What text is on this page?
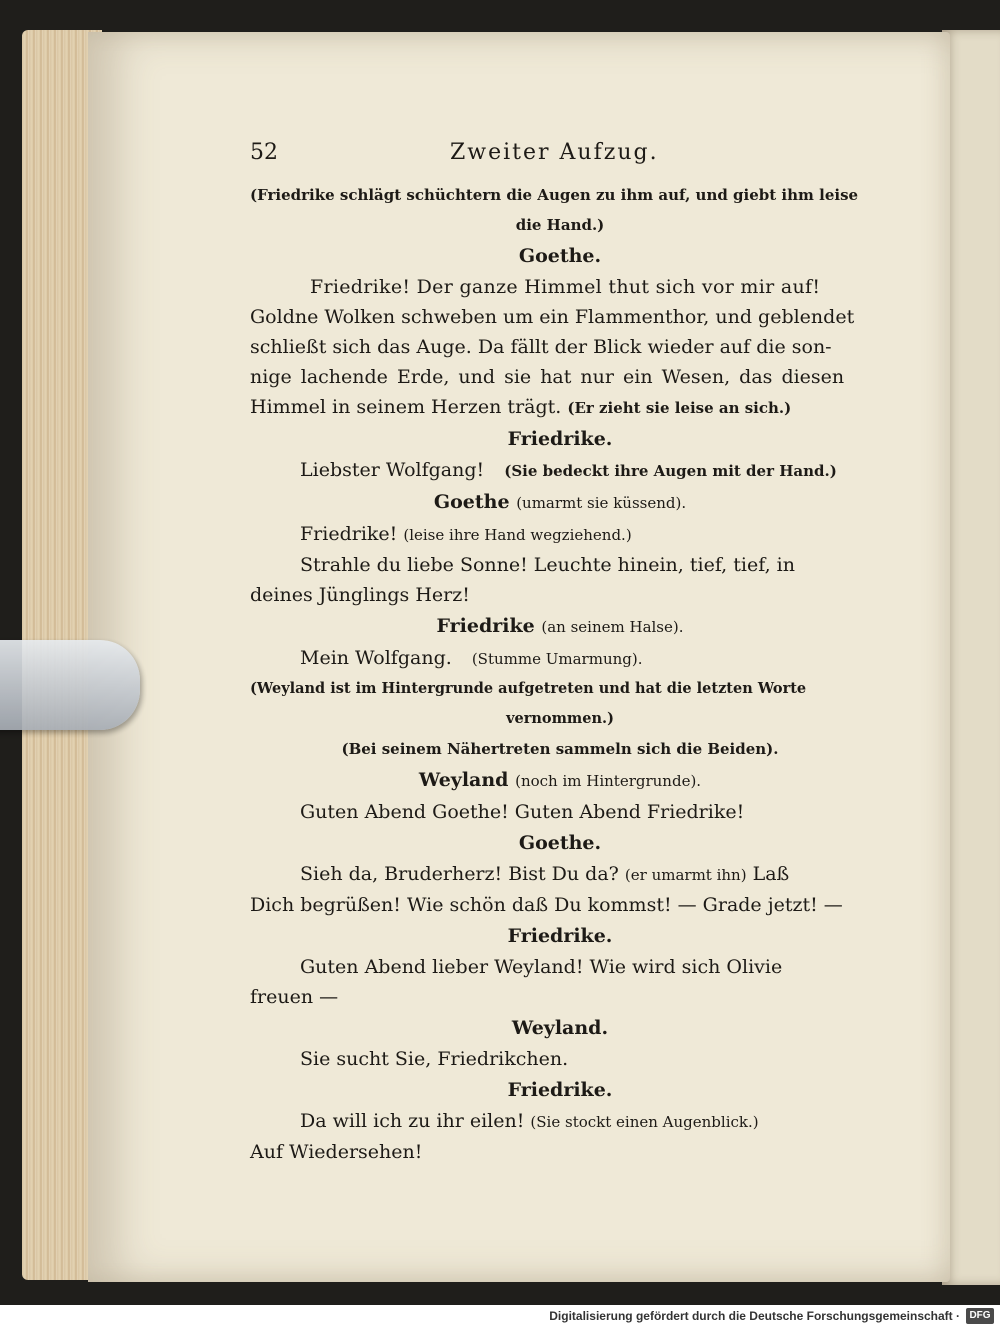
52	Zweiter Aufzug.
(Friedrike schlägt schüchtern die Augen zu ihm auf, und giebt ihm leise
die Hand.)
Goethe.
Friedrike! Der ganze Himmel thut sich vor mir auf!
Goldne Wolken schweben um ein Flammenthor, und geblendet
schließt sich das Auge. Da fällt der Blick wieder auf die son-
nige lachende Erde, und sie hat nur ein Wesen, das diesen
Himmel in seinem Herzen trägt. (Er zieht sie leise an sich.)
Friedrike.
Liebster Wolfgang! (Sie bedeckt ihre Augen mit der Hand.)
Goethe (umarmt sie küssend).
Friedrike! (leise ihre Hand wegziehend.)
Strahle du liebe Sonne! Leuchte hinein, tief, tief, in
deines Jünglings Herz!
Friedrike (an seinem Halse).
Mein Wolfgang. (Stumme Umarmung).
(Weyland ist im Hintergrunde aufgetreten und hat die letzten Worte
vernommen.)
(Bei seinem Nähertreten sammeln sich die Beiden).
Weyland (noch im Hintergrunde).
Guten Abend Goethe! Guten Abend Friedrike!
Goethe.
Sieh da, Bruderherz! Bist Du da? (er umarmt ihn) Laß
Dich begrüßen! Wie schön daß Du kommst! — Grade jetzt! —
Friedrike.
Guten Abend lieber Weyland! Wie wird sich Olivie
freuen —
Weyland.
Sie sucht Sie, Friedrikchen.
Friedrike.
Da will ich zu ihr eilen! (Sie stockt einen Augenblick.)
Auf Wiedersehen!
Digitalisierung gefördert durch die Deutsche Forschungsgemeinschaft · DFG
